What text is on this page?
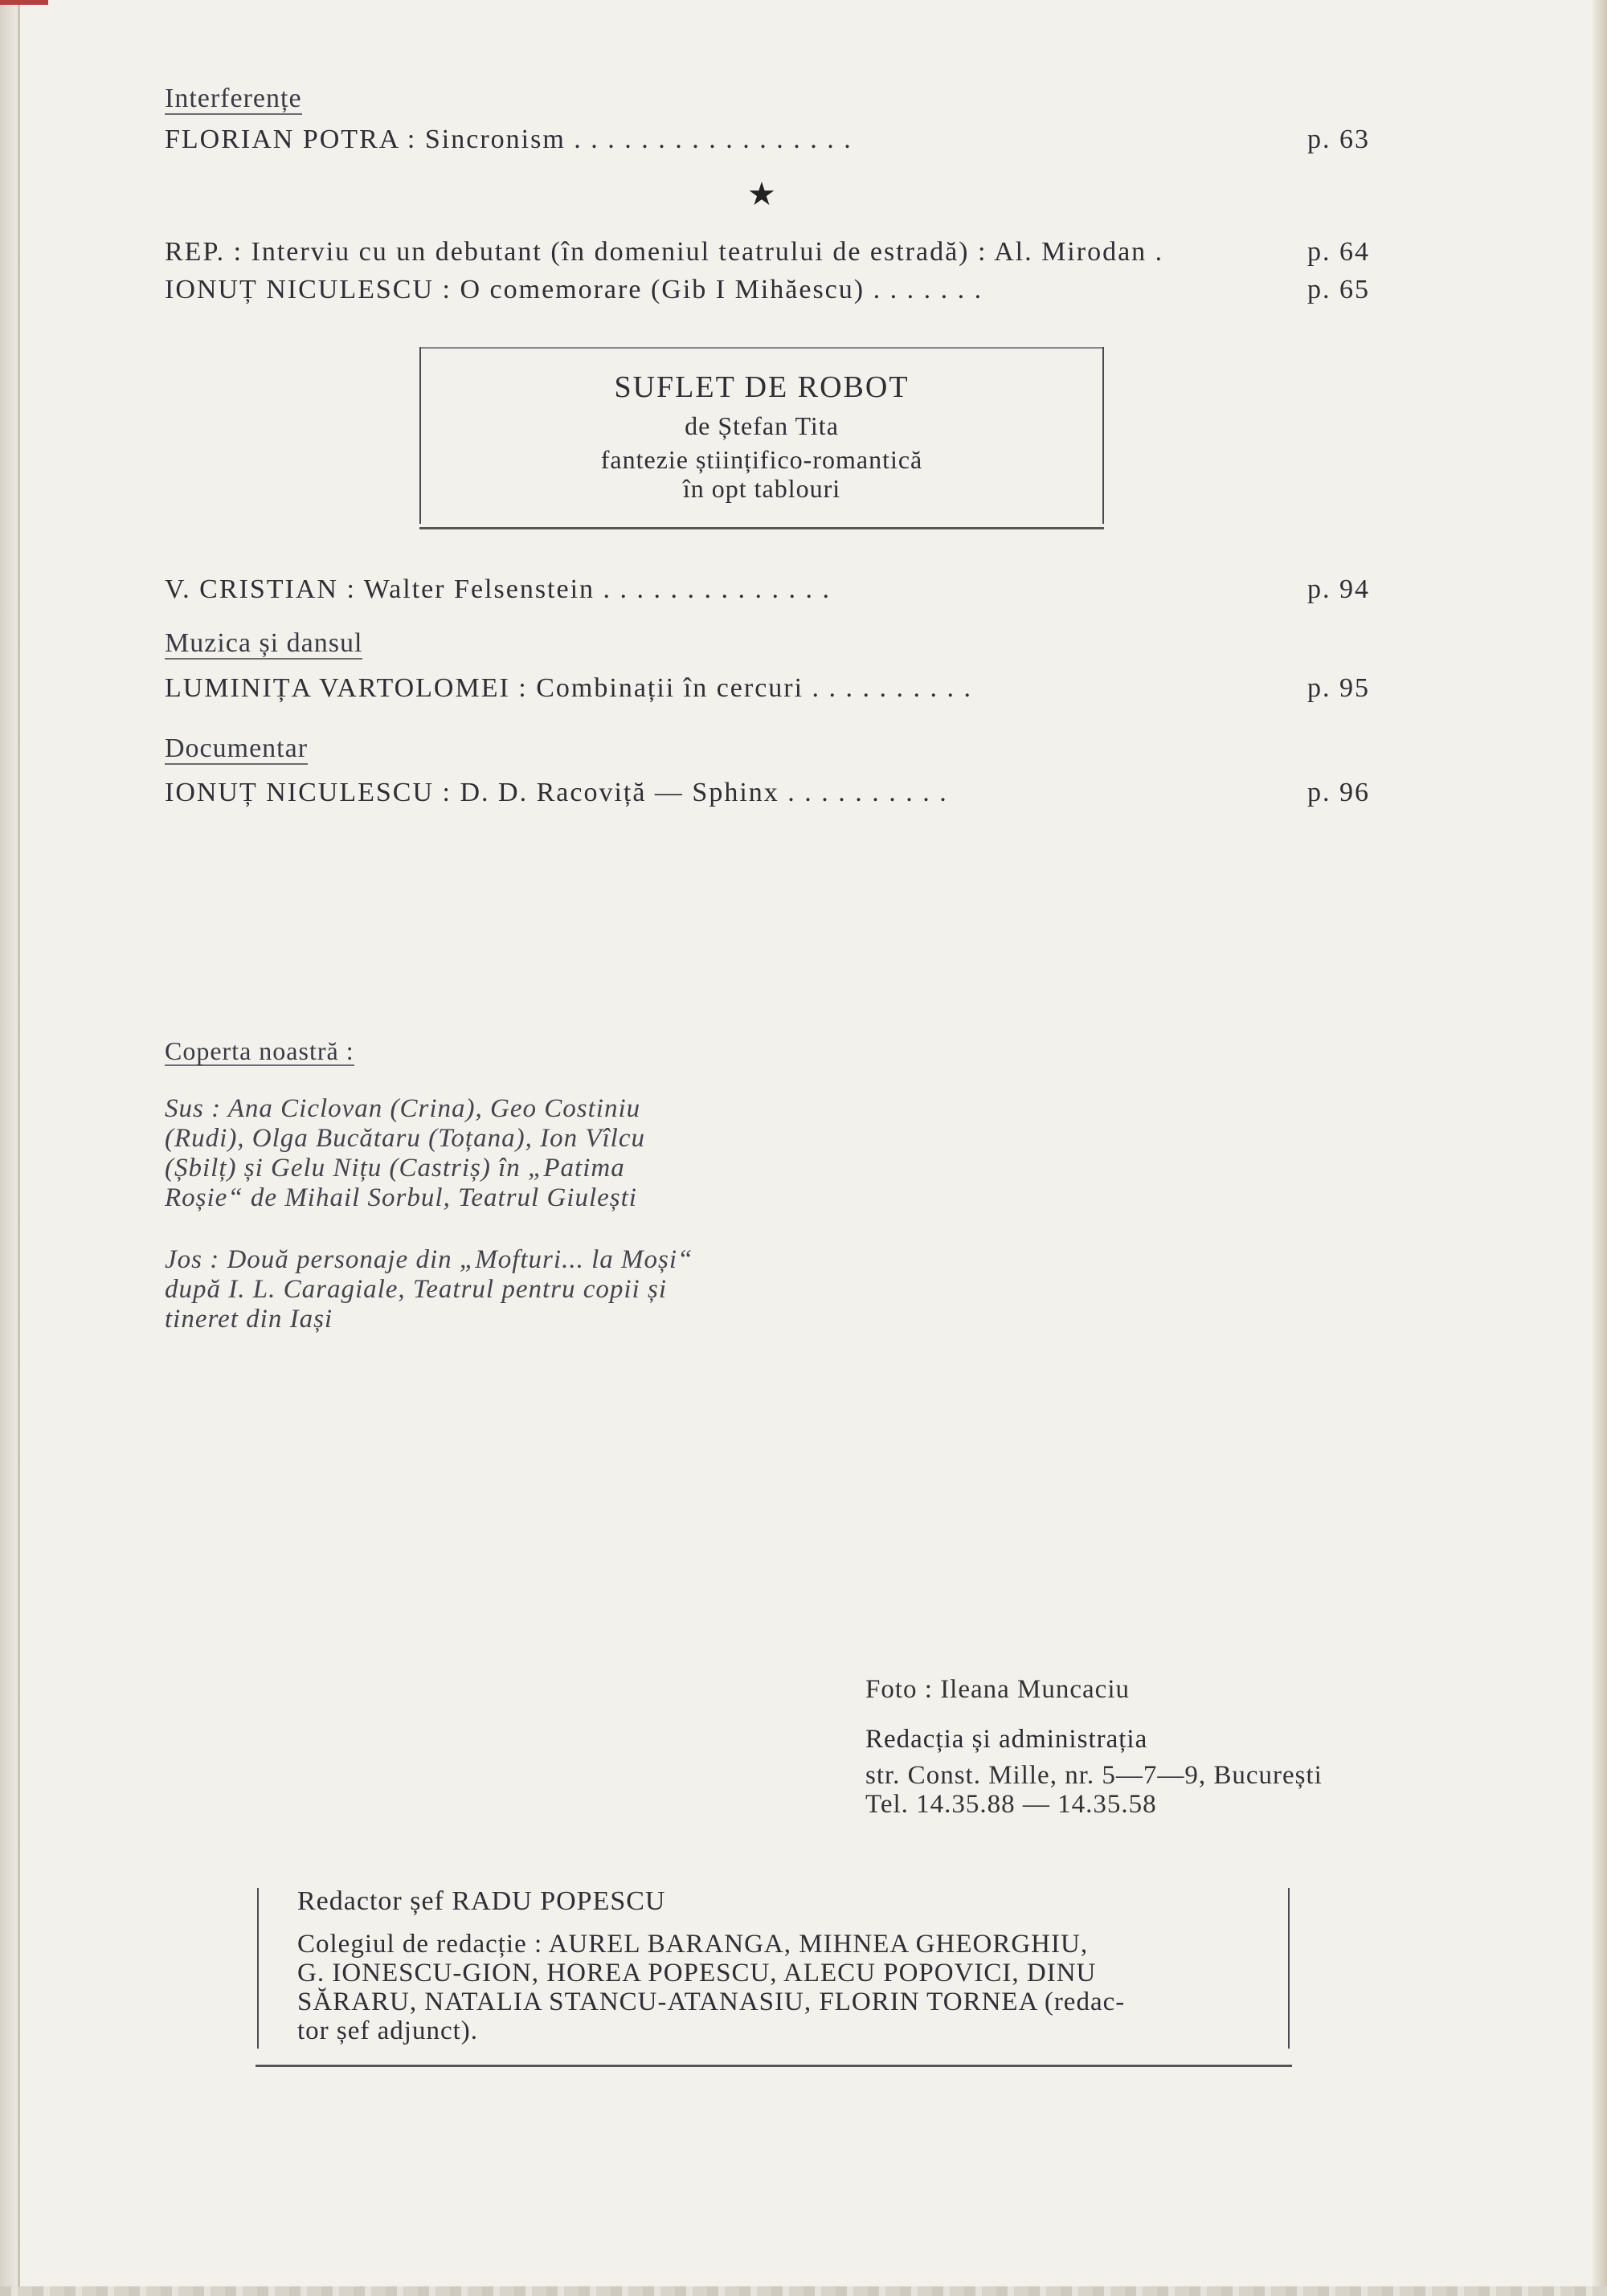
Interferențe
FLORIAN POTRA : Sincronism . . . . . . . . . . . . . . . . .	p. 63
★
REP. : Interviu cu un debutant (în domeniul teatrului de estradă) : Al. Mirodan .	p. 64
IONUȚ NICULESCU : O comemorare (Gib I Mihăescu) . . . . . . .	p. 65
SUFLET DE ROBOT
de Ștefan Tita
fantezie științifico-romantică
în opt tablouri
V. CRISTIAN : Walter Felsenstein . . . . . . . . . . . . . .	p. 94
Muzica și dansul
LUMINIȚA VARTOLOMEI : Combinații în cercuri . . . . . . . . . .	p. 95
Documentar
IONUȚ NICULESCU : D. D. Racoviță — Sphinx . . . . . . . . . .	p. 96
Coperta noastră :
Sus : Ana Ciclovan (Crina), Geo Costiniu
(Rudi), Olga Bucătaru (Toțana), Ion Vîlcu
(Șbilț) și Gelu Nițu (Castriș) în „Patima
Roșie“ de Mihail Sorbul, Teatrul Giulești
Jos : Două personaje din „Mofturi... la Moși“
după I. L. Caragiale, Teatrul pentru copii și
tineret din Iași
Foto : Ileana Muncaciu
Redacția și administrația
str. Const. Mille, nr. 5—7—9, București
Tel. 14.35.88 — 14.35.58
Redactor șef RADU POPESCU
Colegiul de redacție : AUREL BARANGA, MIHNEA GHEORGHIU,
G. IONESCU-GION, HOREA POPESCU, ALECU POPOVICI, DINU
SĂRARU, NATALIA STANCU-ATANASIU, FLORIN TORNEA (redac-
tor șef adjunct).
